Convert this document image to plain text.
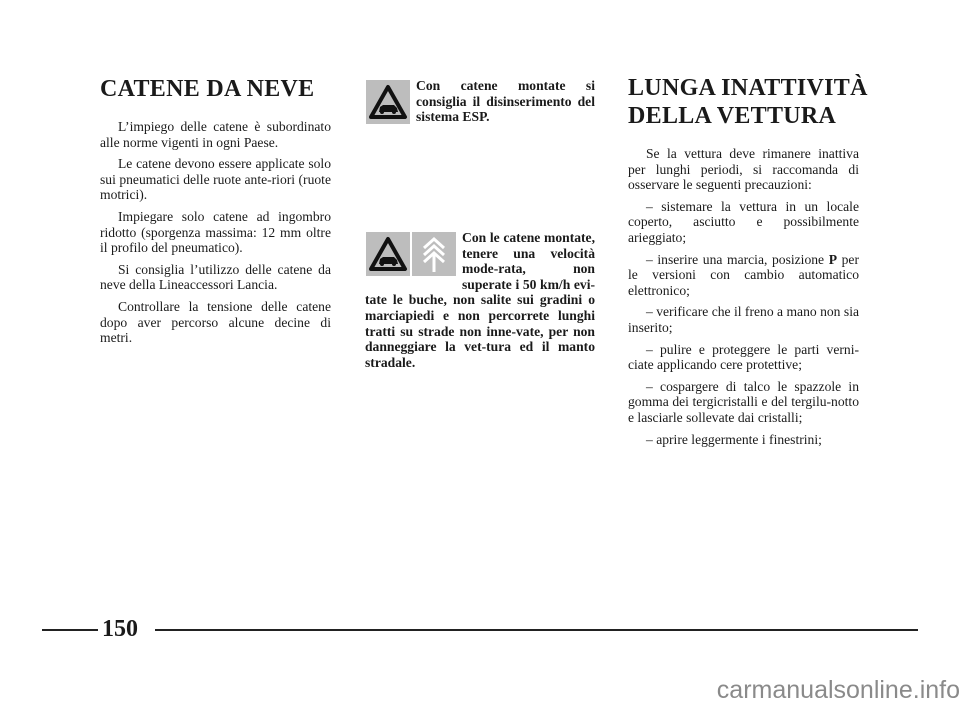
CATENE DA NEVE

L’impiego delle catene è subordinato alle norme vigenti in ogni Paese.

Le catene devono essere applicate solo sui pneumatici delle ruote ante-riori (ruote motrici).

Impiegare solo catene ad ingombro ridotto (sporgenza massima: 12 mm oltre il profilo del pneumatico).

Si consiglia l’utilizzo delle catene da neve della Lineaccessori Lancia.

Controllare la tensione delle catene dopo aver percorso alcune decine di metri.

Con catene montate si consiglia il disinserimento del sistema ESP.
Con le catene montate, tenere una velocità mode-rata, non superate i 50 km/h evi-tate le buche, non salite sui gradini o marciapiedi e non percorrete lunghi tratti su strade non inne-vate, per non danneggiare la vet-tura ed il manto stradale.
LUNGA INATTIVITÀ
DELLA VETTURA

Se la vettura deve rimanere inattiva per lunghi periodi, si raccomanda di osservare le seguenti precauzioni:

– sistemare la vettura in un locale coperto, asciutto e possibilmente arieggiato;

– inserire una marcia, posizione P per le versioni con cambio automatico elettronico;

– verificare che il freno a mano non sia inserito;

– pulire e proteggere le parti verni-ciate applicando cere protettive;

– cospargere di talco le spazzole in gomma dei tergicristalli e del tergilu-notto e lasciarle sollevate dai cristalli;

– aprire leggermente i finestrini;

150
carmanualsonline.info
